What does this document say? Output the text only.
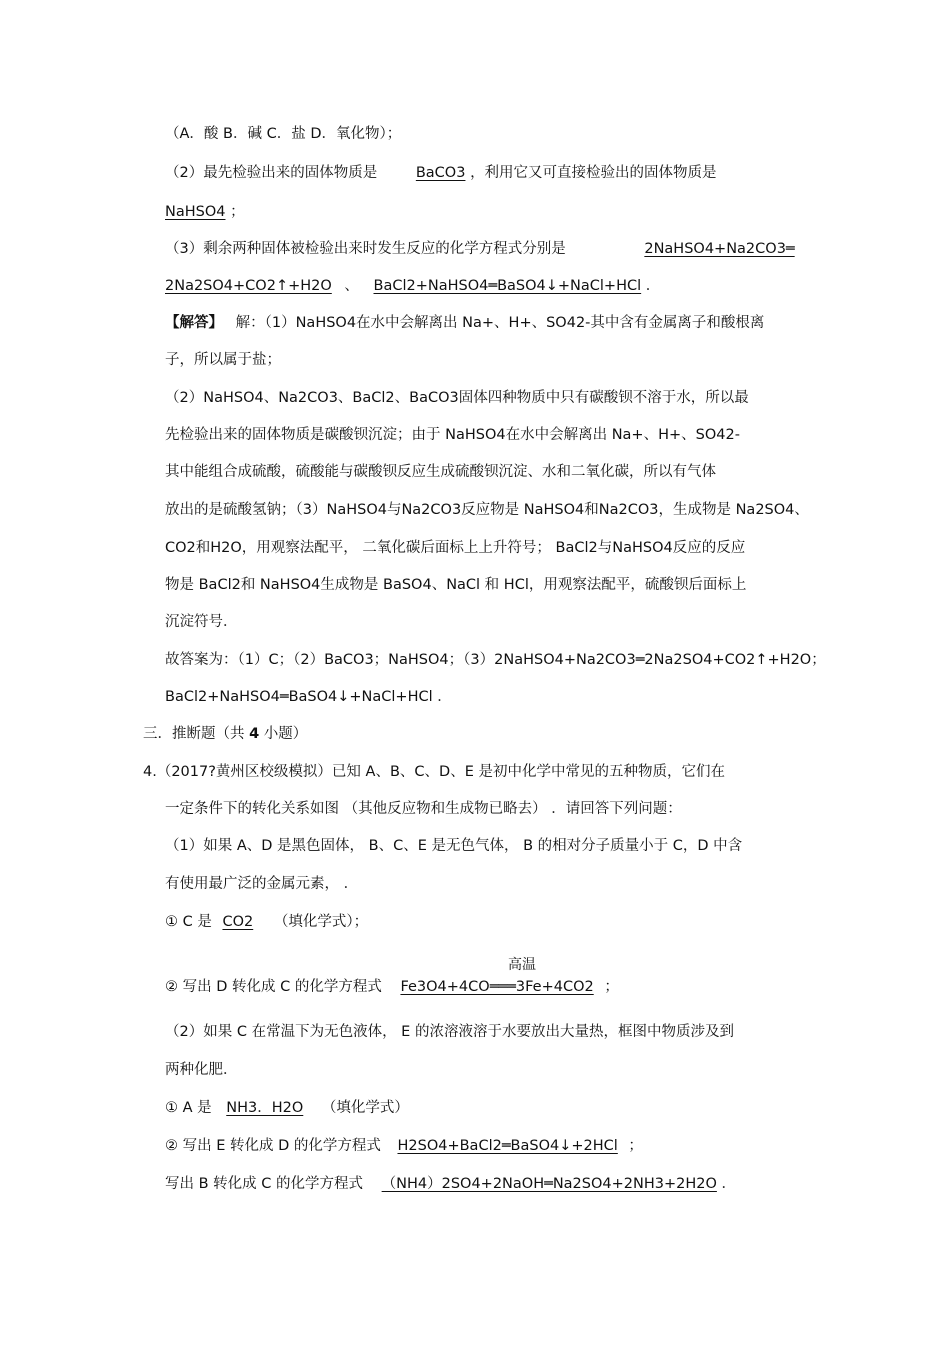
（A．酸 B．碱 C．盐 D．氧化物）；
（2）最先检验出来的固体物质是	BaCO3 ，利用它又可直接检验出的固体物质是
NaHSO4 ；
（3）剩余两种固体被检验出来时发生反应的化学方程式分别是	2NaHSO4+Na2CO3═
2Na2SO4+CO2↑+H2O 、 BaCl2+NaHSO4═BaSO4↓+NaCl+HCl ．
【解答】 解：（1）NaHSO4在水中会解离出 Na+、H+、SO42-其中含有金属离子和酸根离
子，所以属于盐；
（2）NaHSO4、Na2CO3、BaCl2、BaCO3固体四种物质中只有碳酸钡不溶于水，所以最
先检验出来的固体物质是碳酸钡沉淀；由于 NaHSO4在水中会解离出 Na+、H+、SO42-
其中能组合成硫酸，硫酸能与碳酸钡反应生成硫酸钡沉淀、水和二氧化碳，所以有气体
放出的是硫酸氢钠；（3）NaHSO4与Na2CO3反应物是 NaHSO4和Na2CO3，生成物是 Na2SO4、
CO2和H2O，用观察法配平， 二氧化碳后面标上上升符号； BaCl2与NaHSO4反应的反应
物是 BaCl2和 NaHSO4生成物是 BaSO4、NaCl 和 HCl，用观察法配平，硫酸钡后面标上
沉淀符号．
故答案为：（1）C；（2）BaCO3；NaHSO4；（3）2NaHSO4+Na2CO3═2Na2SO4+CO2↑+H2O；
BaCl2+NaHSO4═BaSO4↓+NaCl+HCl ．
三．推断题（共 4 小题）
4.（2017?黄州区校级模拟）已知 A、B、C、D、E 是初中化学中常见的五种物质，它们在
一定条件下的转化关系如图 （其他反应物和生成物已略去） ．请回答下列问题：
（1）如果 A、D 是黑色固体， B、C、E 是无色气体， B 的相对分子质量小于 C，D 中含
有使用最广泛的金属元素， ．
① C 是 CO2 （填化学式）；
高温
② 写出 D 转化成 C 的化学方程式 Fe3O4+4CO═══3Fe+4CO2 ；
（2）如果 C 在常温下为无色液体， E 的浓溶液溶于水要放出大量热，框图中物质涉及到
两种化肥．
① A 是 NH3．H2O （填化学式）
② 写出 E 转化成 D 的化学方程式 H2SO4+BaCl2═BaSO4↓+2HCl ；
写出 B 转化成 C 的化学方程式 （NH4）2SO4+2NaOH═Na2SO4+2NH3+2H2O ．
